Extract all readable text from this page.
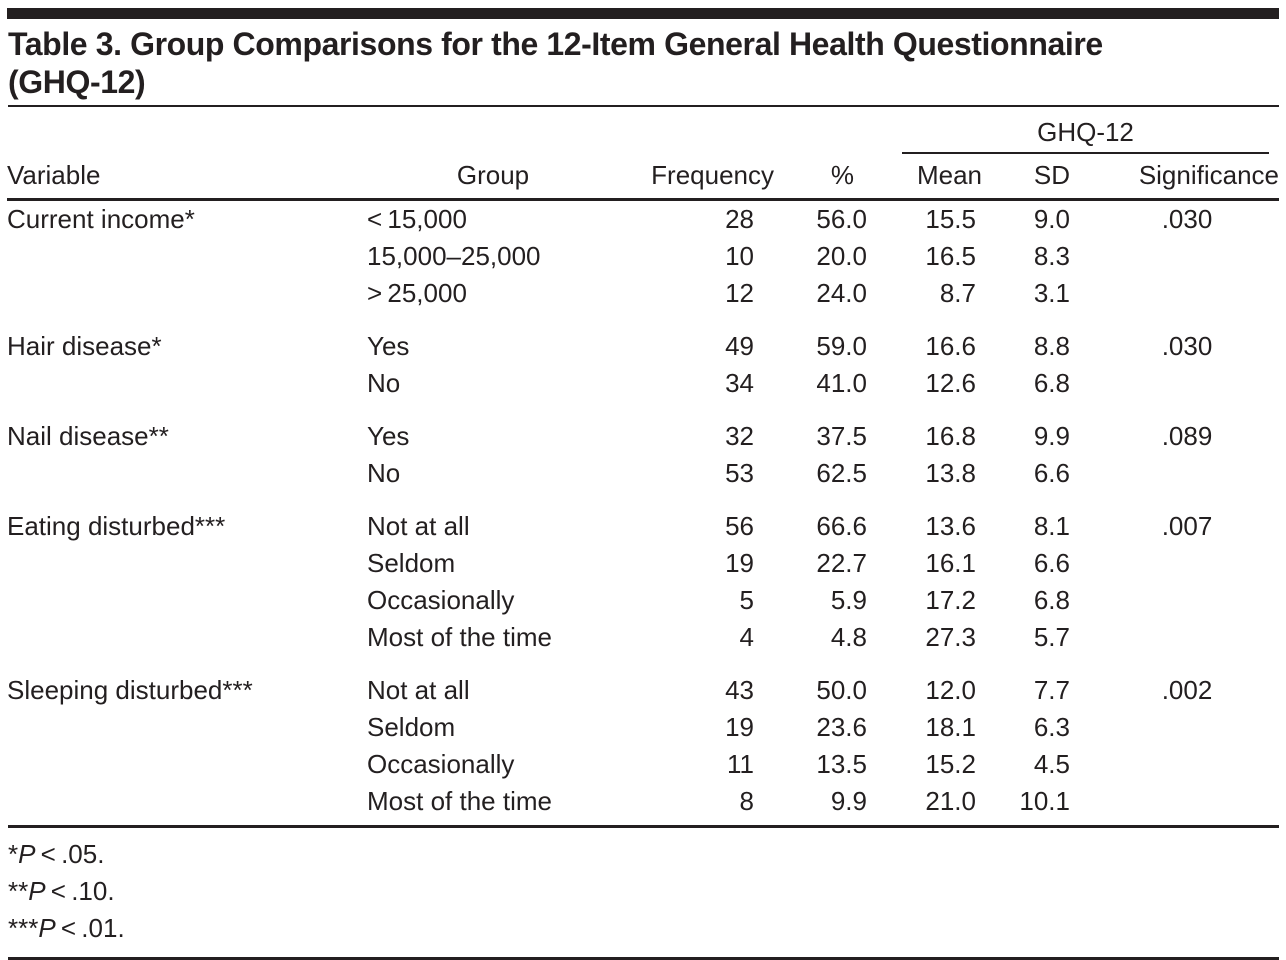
Table 3. Group Comparisons for the 12-Item General Health Questionnaire
(GHQ-12)

				GHQ-12		

Variable	Group	Frequency	%	Mean	SD	Significance
Current income*	< 15,000	28	56.0	15.5	9.0	.030
	15,000–25,000	10	20.0	16.5	8.3	
	> 25,000	12	24.0	8.7	3.1	
Hair disease*	Yes	49	59.0	16.6	8.8	.030
	No	34	41.0	12.6	6.8	
Nail disease**	Yes	32	37.5	16.8	9.9	.089
	No	53	62.5	13.8	6.6	
Eating disturbed***	Not at all	56	66.6	13.6	8.1	.007
	Seldom	19	22.7	16.1	6.6	
	Occasionally	5	5.9	17.2	6.8	
	Most of the time	4	4.8	27.3	5.7	
Sleeping disturbed***	Not at all	43	50.0	12.0	7.7	.002
	Seldom	19	23.6	18.1	6.3	
	Occasionally	11	13.5	15.2	4.5	
	Most of the time	8	9.9	21.0	10.1	
*P < .05.
**P < .10.
***P < .01.
